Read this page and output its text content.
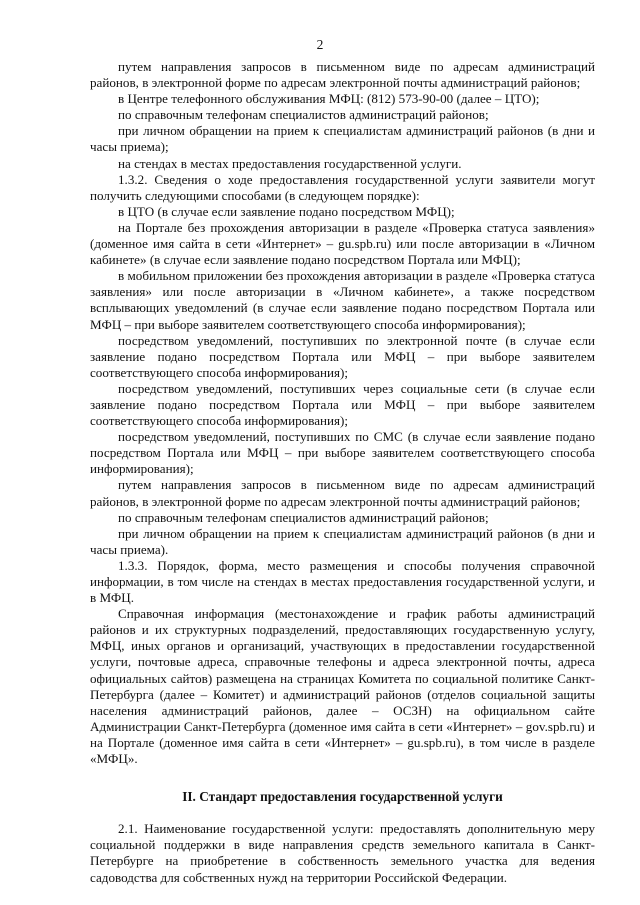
2

путем направления запросов в письменном виде по адресам администраций районов, в электронной форме по адресам электронной почты администраций районов;

в Центре телефонного обслуживания МФЦ: (812) 573-90-00 (далее – ЦТО);

по справочным телефонам специалистов администраций районов;

при личном обращении на прием к специалистам администраций районов (в дни и часы приема);

на стендах в местах предоставления государственной услуги.

1.3.2. Сведения о ходе предоставления государственной услуги заявители могут получить следующими способами (в следующем порядке):

в ЦТО (в случае если заявление подано посредством МФЦ);

на Портале без прохождения авторизации в разделе «Проверка статуса заявления» (доменное имя сайта в сети «Интернет» – gu.spb.ru) или после авторизации в «Личном кабинете» (в случае если заявление подано посредством Портала или МФЦ);

в мобильном приложении без прохождения авторизации в разделе «Проверка статуса заявления» или после авторизации в «Личном кабинете», а также посредством всплывающих уведомлений (в случае если заявление подано посредством Портала или МФЦ – при выборе заявителем соответствующего способа информирования);

посредством уведомлений, поступивших по электронной почте (в случае если заявление подано посредством Портала или МФЦ – при выборе заявителем соответствующего способа информирования);

посредством уведомлений, поступивших через социальные сети (в случае если заявление подано посредством Портала или МФЦ – при выборе заявителем соответствующего способа информирования);

посредством уведомлений, поступивших по СМС (в случае если заявление подано посредством Портала или МФЦ – при выборе заявителем соответствующего способа информирования);

путем направления запросов в письменном виде по адресам администраций районов, в электронной форме по адресам электронной почты администраций районов;

по справочным телефонам специалистов администраций районов;

при личном обращении на прием к специалистам администраций районов (в дни и часы приема).

1.3.3. Порядок, форма, место размещения и способы получения справочной информации, в том числе на стендах в местах предоставления государственной услуги, и в МФЦ.

Справочная информация (местонахождение и график работы администраций районов и их структурных подразделений, предоставляющих государственную услугу, МФЦ, иных органов и организаций, участвующих в предоставлении государственной услуги, почтовые адреса, справочные телефоны и адреса электронной почты, адреса официальных сайтов) размещена на страницах Комитета по социальной политике Санкт-Петербурга (далее – Комитет) и администраций районов (отделов социальной защиты населения администраций районов, далее – ОСЗН) на официальном сайте Администрации Санкт-Петербурга (доменное имя сайта в сети «Интернет» – gov.spb.ru) и на Портале (доменное имя сайта в сети «Интернет» – gu.spb.ru), в том числе в разделе «МФЦ».

II. Стандарт предоставления государственной услуги

2.1. Наименование государственной услуги: предоставлять дополнительную меру социальной поддержки в виде направления средств земельного капитала в Санкт-Петербурге на приобретение в собственность земельного участка для ведения садоводства для собственных нужд на территории Российской Федерации.
